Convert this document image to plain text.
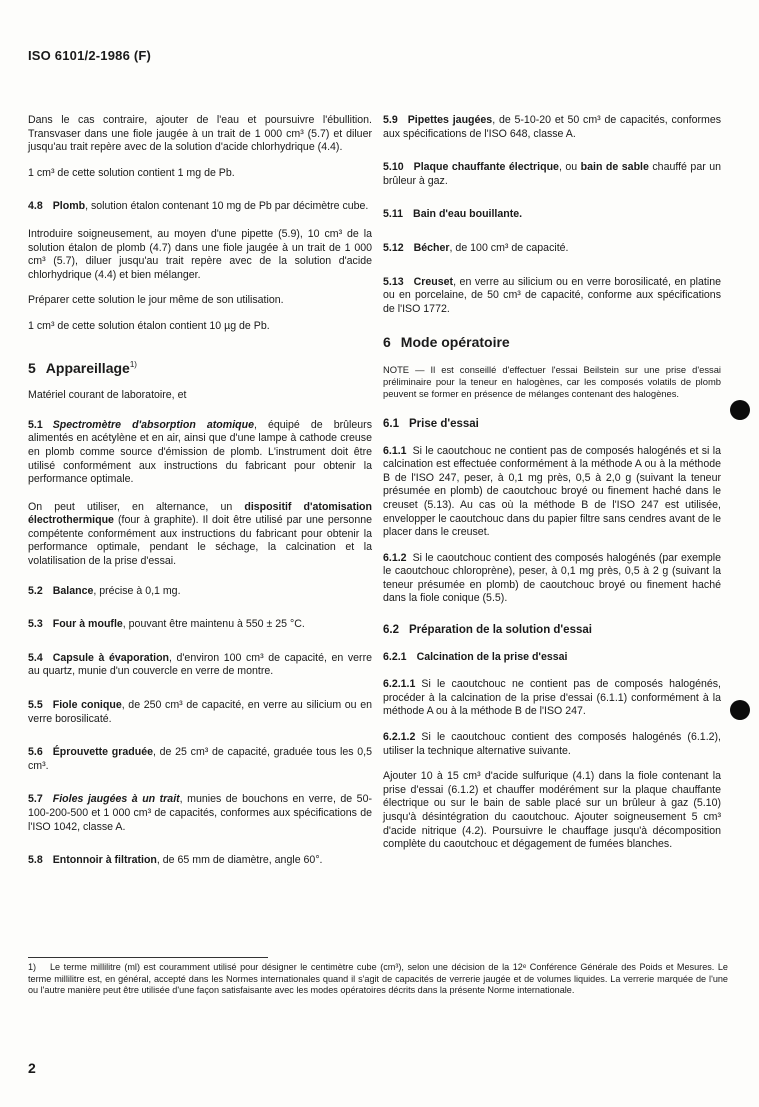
ISO 6101/2-1986 (F)

Dans le cas contraire, ajouter de l'eau et poursuivre l'ébullition. Transvaser dans une fiole jaugée à un trait de 1 000 cm³ (5.7) et diluer jusqu'au trait repère avec de la solution d'acide chlorhydrique (4.4).

1 cm³ de cette solution contient 1 mg de Pb.

4.8 Plomb, solution étalon contenant 10 mg de Pb par décimètre cube.

Introduire soigneusement, au moyen d'une pipette (5.9), 10 cm³ de la solution étalon de plomb (4.7) dans une fiole jaugée à un trait de 1 000 cm³ (5.7), diluer jusqu'au trait repère avec de la solution d'acide chlorhydrique (4.4) et bien mélanger.

Préparer cette solution le jour même de son utilisation.

1 cm³ de cette solution étalon contient 10 µg de Pb.

5 Appareillage$^{1)}$

Matériel courant de laboratoire, et

5.1 Spectromètre d'absorption atomique, équipé de brûleurs alimentés en acétylène et en air, ainsi que d'une lampe à cathode creuse en plomb comme source d'émission de plomb. L'instrument doit être utilisé conformément aux instructions du fabricant pour obtenir la performance optimale.

On peut utiliser, en alternance, un dispositif d'atomisation électrothermique (four à graphite). Il doit être utilisé par une personne compétente conformément aux instructions du fabricant pour obtenir la performance optimale, pendant le séchage, la calcination et la volatilisation de la prise d'essai.

5.2 Balance, précise à 0,1 mg.
5.3 Four à moufle, pouvant être maintenu à 550 ± 25 °C.
5.4 Capsule à évaporation, d'environ 100 cm³ de capacité, en verre au quartz, munie d'un couvercle en verre de montre.
5.5 Fiole conique, de 250 cm³ de capacité, en verre au silicium ou en verre borosilicaté.
5.6 Éprouvette graduée, de 25 cm³ de capacité, graduée tous les 0,5 cm³.
5.7 Fioles jaugées à un trait, munies de bouchons en verre, de 50-100-200-500 et 1 000 cm³ de capacités, conformes aux spécifications de l'ISO 1042, classe A.
5.8 Entonnoir à filtration, de 65 mm de diamètre, angle 60°.
5.9 Pipettes jaugées, de 5-10-20 et 50 cm³ de capacités, conformes aux spécifications de l'ISO 648, classe A.
5.10 Plaque chauffante électrique, ou bain de sable chauffé par un brûleur à gaz.
5.11 Bain d'eau bouillante.
5.12 Bécher, de 100 cm³ de capacité.
5.13 Creuset, en verre au silicium ou en verre borosilicaté, en platine ou en porcelaine, de 50 cm³ de capacité, conforme aux spécifications de l'ISO 1772.
6 Mode opératoire
NOTE — Il est conseillé d'effectuer l'essai Beilstein sur une prise d'essai préliminaire pour la teneur en halogènes, car les composés volatils de plomb peuvent se former en présence de mélanges contenant des halogènes.
6.1 Prise d'essai

6.1.1 Si le caoutchouc ne contient pas de composés halogénés et si la calcination est effectuée conformément à la méthode A ou à la méthode B de l'ISO 247, peser, à 0,1 mg près, 0,5 à 2,0 g (suivant la teneur présumée en plomb) de caoutchouc broyé ou finement haché dans le creuset (5.13). Au cas où la méthode B de l'ISO 247 est utilisée, envelopper le caoutchouc dans du papier filtre sans cendres avant de le placer dans le creuset.

6.1.2 Si le caoutchouc contient des composés halogénés (par exemple le caoutchouc chloroprène), peser, à 0,1 mg près, 0,5 à 2 g (suivant la teneur présumée en plomb) de caoutchouc broyé ou finement haché dans la fiole conique (5.5).

6.2 Préparation de la solution d'essai
6.2.1 Calcination de la prise d'essai

6.2.1.1 Si le caoutchouc ne contient pas de composés halogénés, procéder à la calcination de la prise d'essai (6.1.1) conformément à la méthode A ou à la méthode B de l'ISO 247.

6.2.1.2 Si le caoutchouc contient des composés halogénés (6.1.2), utiliser la technique alternative suivante.

Ajouter 10 à 15 cm³ d'acide sulfurique (4.1) dans la fiole contenant la prise d'essai (6.1.2) et chauffer modérément sur la plaque chauffante électrique ou sur le bain de sable placé sur un brûleur à gaz (5.10) jusqu'à désintégration du caoutchouc. Ajouter soigneusement 5 cm³ d'acide nitrique (4.2). Poursuivre le chauffage jusqu'à décomposition complète du caoutchouc et dégagement de fumées blanches.

1) Le terme millilitre (ml) est couramment utilisé pour désigner le centimètre cube (cm³), selon une décision de la 12ᵉ Conférence Générale des Poids et Mesures. Le terme millilitre est, en général, accepté dans les Normes internationales quand il s'agit de capacités de verrerie jaugée et de volumes liquides. La verrerie marquée de l'une ou l'autre manière peut être utilisée d'une façon satisfaisante avec les modes opératoires décrits dans la présente Norme internationale.
2
